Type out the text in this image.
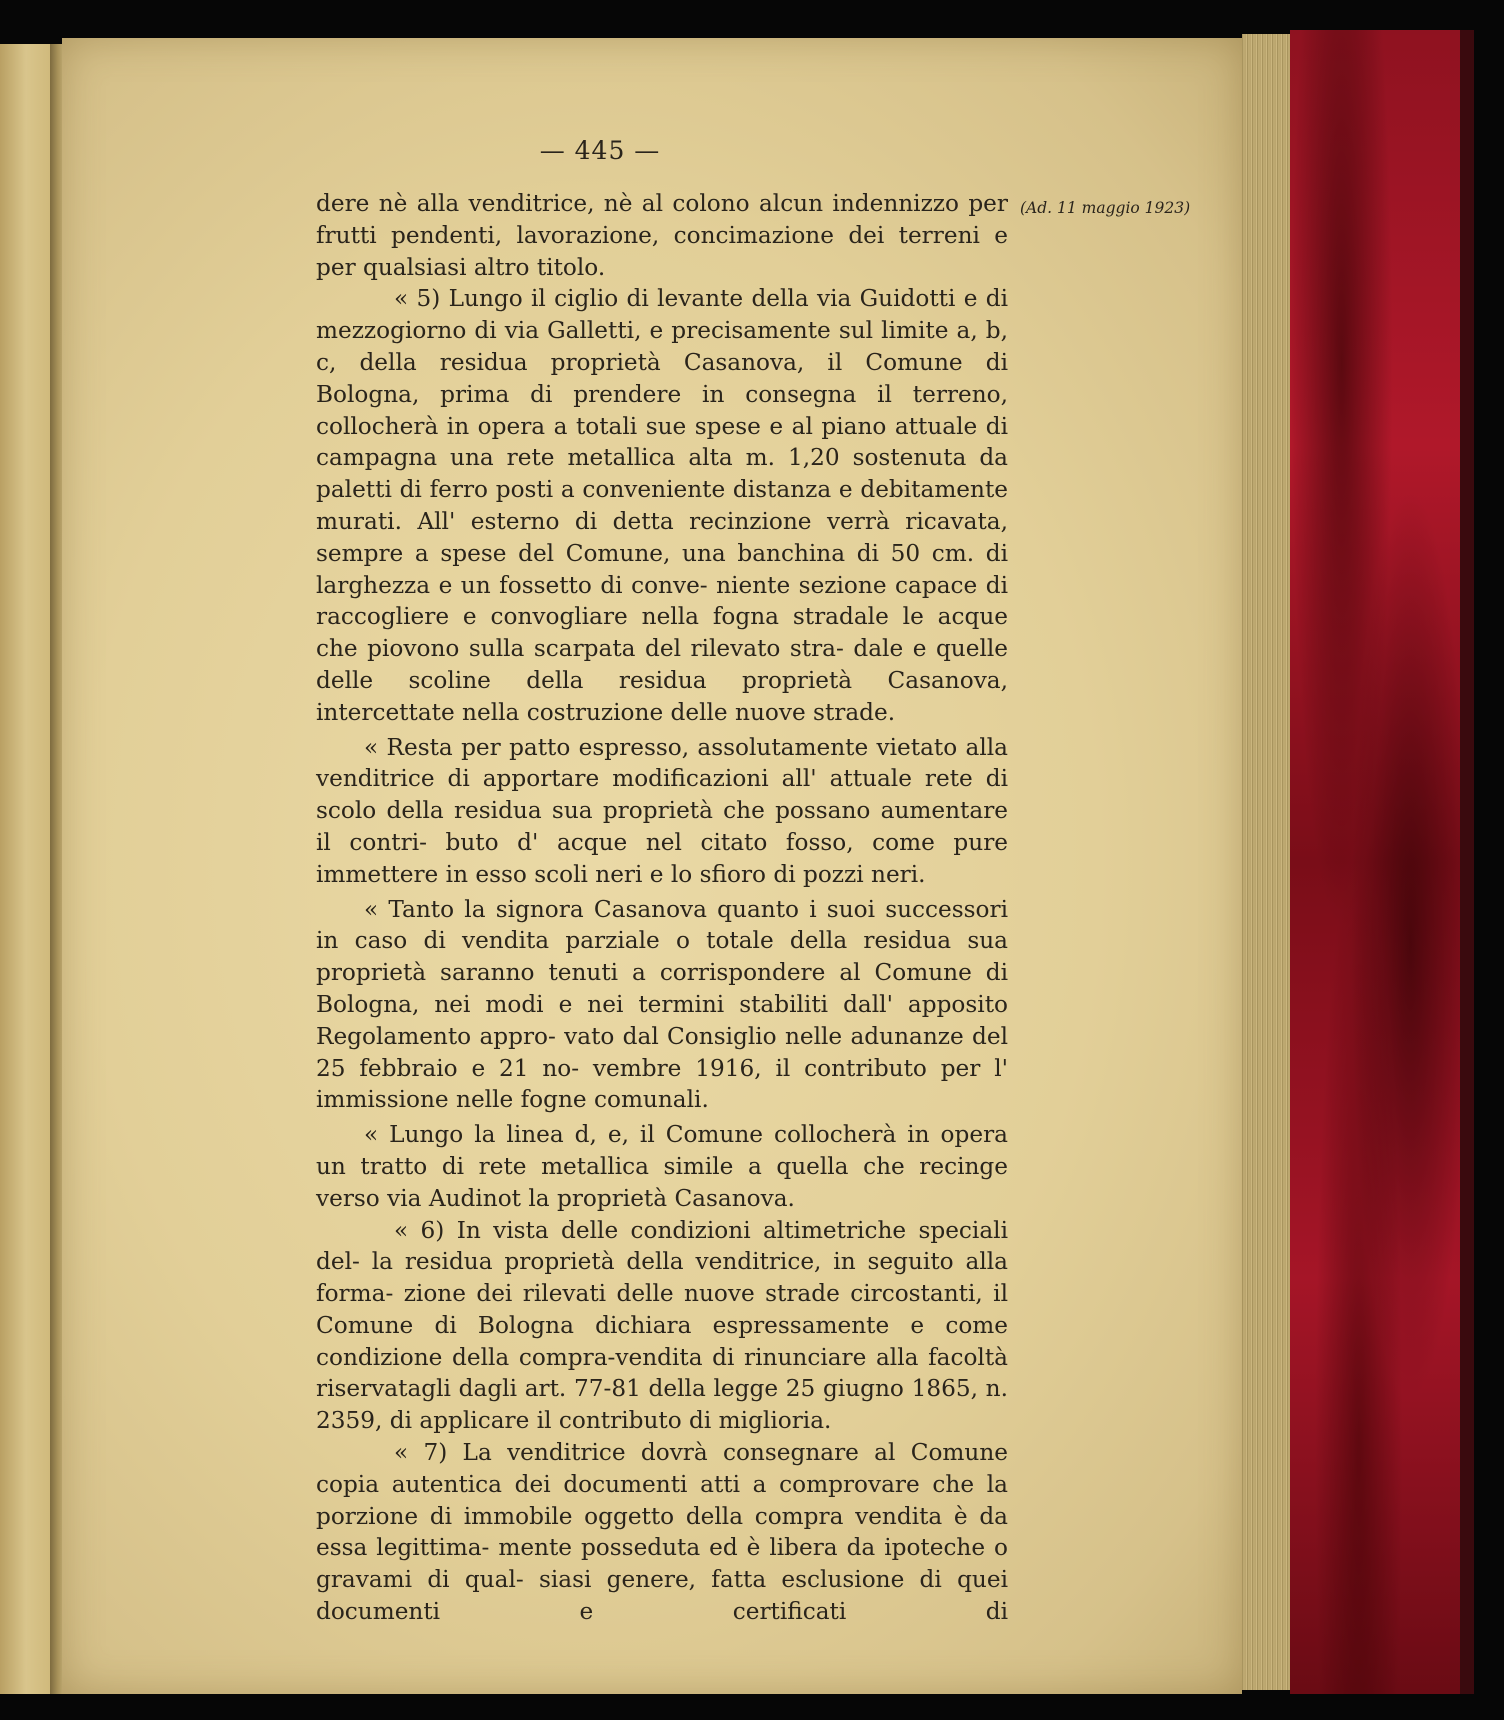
— 445 —
(Ad. 11 maggio 1923)

dere nè alla venditrice, nè al colono alcun indennizzo per frutti pendenti, lavorazione, concimazione dei terreni e per qualsiasi altro titolo.

« 5) Lungo il ciglio di levante della via Guidotti e di mezzogiorno di via Galletti, e precisamente sul limite a, b, c, della residua proprietà Casanova, il Comune di Bologna, prima di prendere in consegna il terreno, collocherà in opera a totali sue spese e al piano attuale di campagna una rete metallica alta m. 1,20 sostenuta da paletti di ferro posti a conveniente distanza e debitamente murati. All' esterno di detta recinzione verrà ricavata, sempre a spese del Comune, una banchina di 50 cm. di larghezza e un fossetto di conve- niente sezione capace di raccogliere e convogliare nella fogna stradale le acque che piovono sulla scarpata del rilevato stra- dale e quelle delle scoline della residua proprietà Casanova, intercettate nella costruzione delle nuove strade.

« Resta per patto espresso, assolutamente vietato alla venditrice di apportare modificazioni all' attuale rete di scolo della residua sua proprietà che possano aumentare il contri- buto d' acque nel citato fosso, come pure immettere in esso scoli neri e lo sfioro di pozzi neri.

« Tanto la signora Casanova quanto i suoi successori in caso di vendita parziale o totale della residua sua proprietà saranno tenuti a corrispondere al Comune di Bologna, nei modi e nei termini stabiliti dall' apposito Regolamento appro- vato dal Consiglio nelle adunanze del 25 febbraio e 21 no- vembre 1916, il contributo per l' immissione nelle fogne comunali.

« Lungo la linea d, e, il Comune collocherà in opera un tratto di rete metallica simile a quella che recinge verso via Audinot la proprietà Casanova.

« 6) In vista delle condizioni altimetriche speciali del- la residua proprietà della venditrice, in seguito alla forma- zione dei rilevati delle nuove strade circostanti, il Comune di Bologna dichiara espressamente e come condizione della compra-vendita di rinunciare alla facoltà riservatagli dagli art. 77-81 della legge 25 giugno 1865, n. 2359, di applicare il contributo di miglioria.

« 7) La venditrice dovrà consegnare al Comune copia autentica dei documenti atti a comprovare che la porzione di immobile oggetto della compra vendita è da essa legittima- mente posseduta ed è libera da ipoteche o gravami di qual- siasi genere, fatta esclusione di quei documenti e certificati di
